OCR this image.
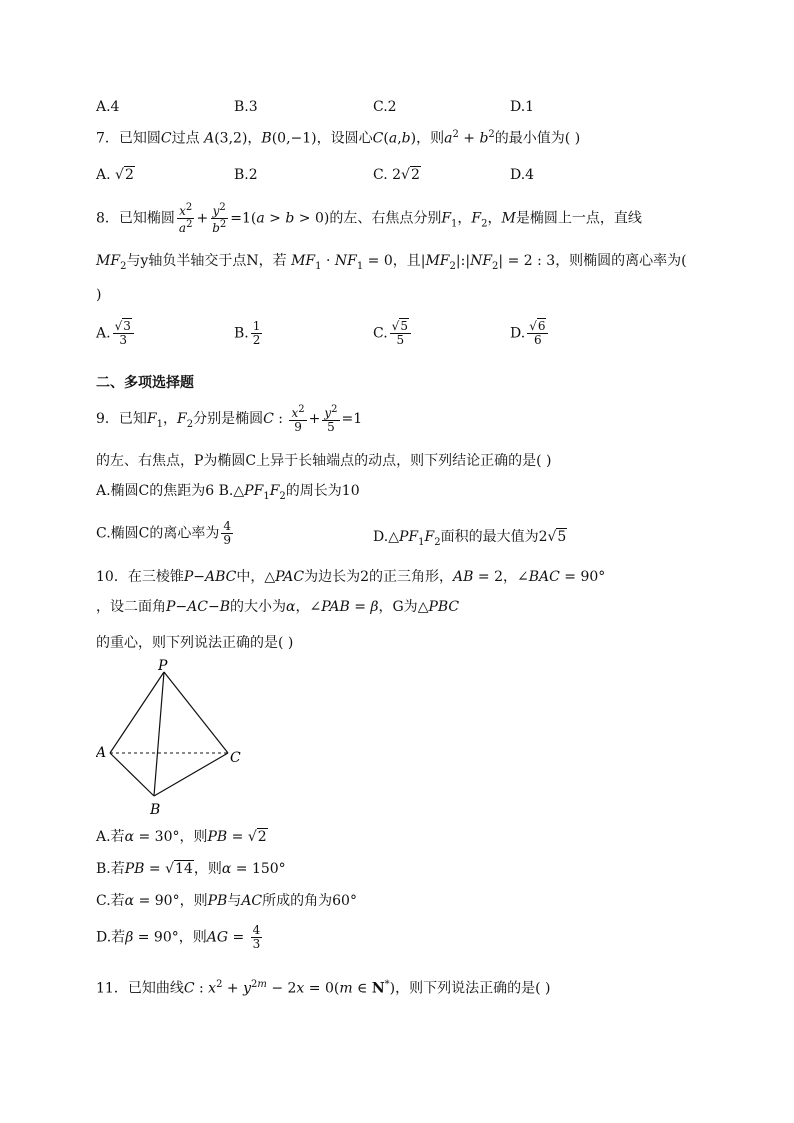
A.4	B.3	C.2	D.1
7．已知圆C过点 A(3,2)，B(0,−1)，设圆心C(a,b)，则$a^2 + b^2$的最小值为( )
A. √2	B.2	C. 2√2	D.4
8．已知椭圆 $\frac{x^2}{a^2} + \frac{y^2}{b^2} =1(a > b > 0)$的左、右焦点分别$F_1$，$F_2$，M是椭圆上一点，直线
$MF_2$与y轴负半轴交于点N，若 $MF_1 \cdot NF_1 = 0$，且$|MF_2|:|NF_2| = 2$ : 3，则椭圆的离心率为(
)
A. $\frac{√3}{3}$	B. $\frac{1}{2}$	C. $\frac{√5}{5}$	D. $\frac{√6}{6}$
二、多项选择题
9．已知$F_1$，$F_2$分别是椭圆C : $\frac{x^2}{9} + \frac{y^2}{5} =1$
的左、右焦点，P为椭圆C上异于长轴端点的动点，则下列结论正确的是( )
A.椭圆C的焦距为6 $B.\triangle PF_1F_2$的周长为10
C.椭圆C的离心率为 $\frac{4}{9}$	$D.\triangle PF_1F_2$面积的最大值为2√5
10．在三棱锥P−ABC中，△PAC为边长为2的正三角形，AB = 2，∠BAC = 90°
，设二面角P−AC−B的大小为α，∠PAB = β，G为△PBC
的重心，则下列说法正确的是( )
P
A
B
C
A.若α = 30°，则PB = √2
B.若PB = √14，则α = 150°
C.若α = 90°，则PB与AC所成的角为60°
D.若β = 90°，则AG = $\frac{4}{3}$
11．已知曲线C : $x^2 + y^{2m} - 2x = 0(m$ ∈ N*)，则下列说法正确的是( )
